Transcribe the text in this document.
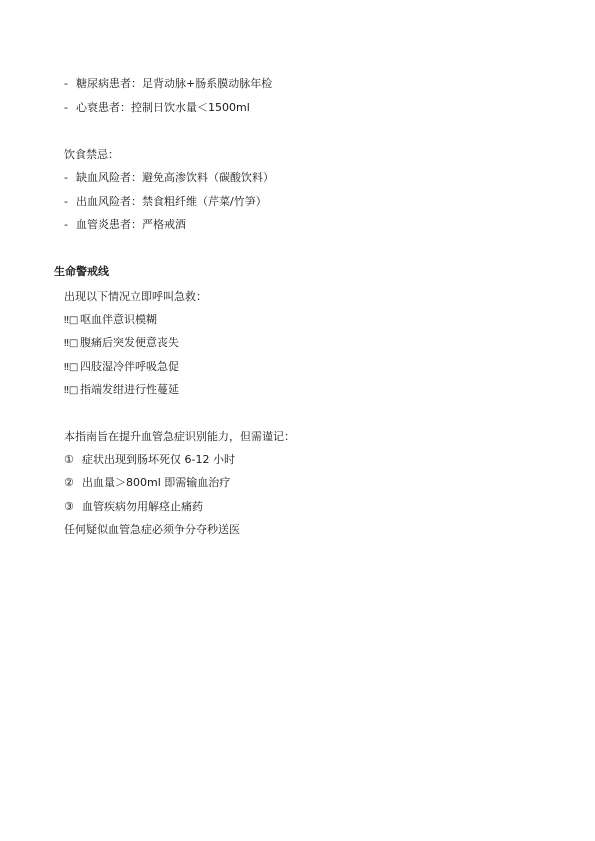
- 糖尿病患者：足背动脉+肠系膜动脉年检
- 心衰患者：控制日饮水量＜1500ml
饮食禁忌：
- 缺血风险者：避免高渗饮料（碳酸饮料）
- 出血风险者：禁食粗纤维（芹菜/竹笋）
- 血管炎患者：严格戒酒
生命警戒线
出现以下情况立即呼叫急救：
‼□ 呕血伴意识模糊
‼□ 腹痛后突发便意丧失
‼□ 四肢湿冷伴呼吸急促
‼□ 指端发绀进行性蔓延
本指南旨在提升血管急症识别能力，但需谨记：
① 症状出现到肠坏死仅 6-12 小时
② 出血量＞800ml 即需输血治疗
③ 血管疾病勿用解痉止痛药
任何疑似血管急症必须争分夺秒送医
